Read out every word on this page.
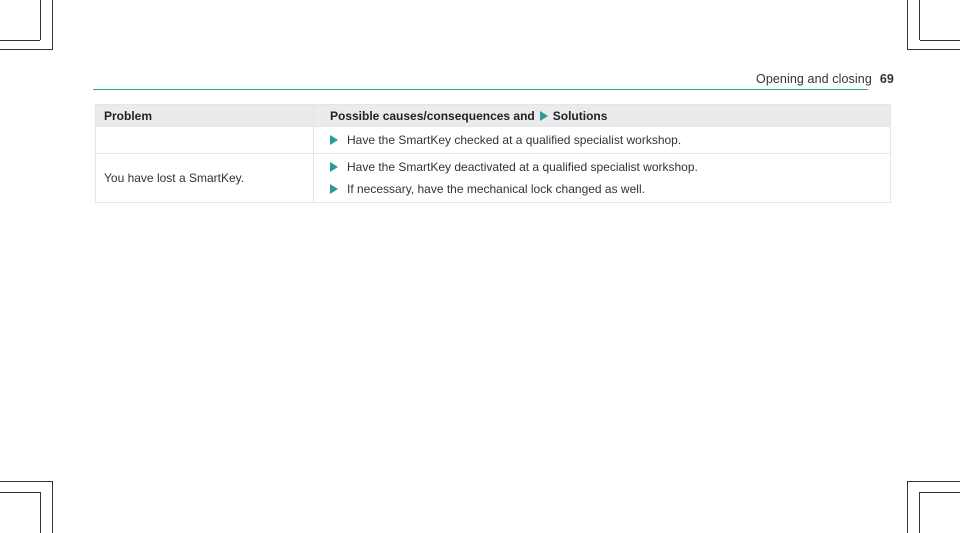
Opening and closing 69
Problem	Possible causes/consequences and Solutions

	Have the SmartKey checked at a qualified specialist workshop.

You have lost a SmartKey.	Have the SmartKey deactivated at a qualified specialist workshop.
If necessary, have the mechanical lock changed as well.
